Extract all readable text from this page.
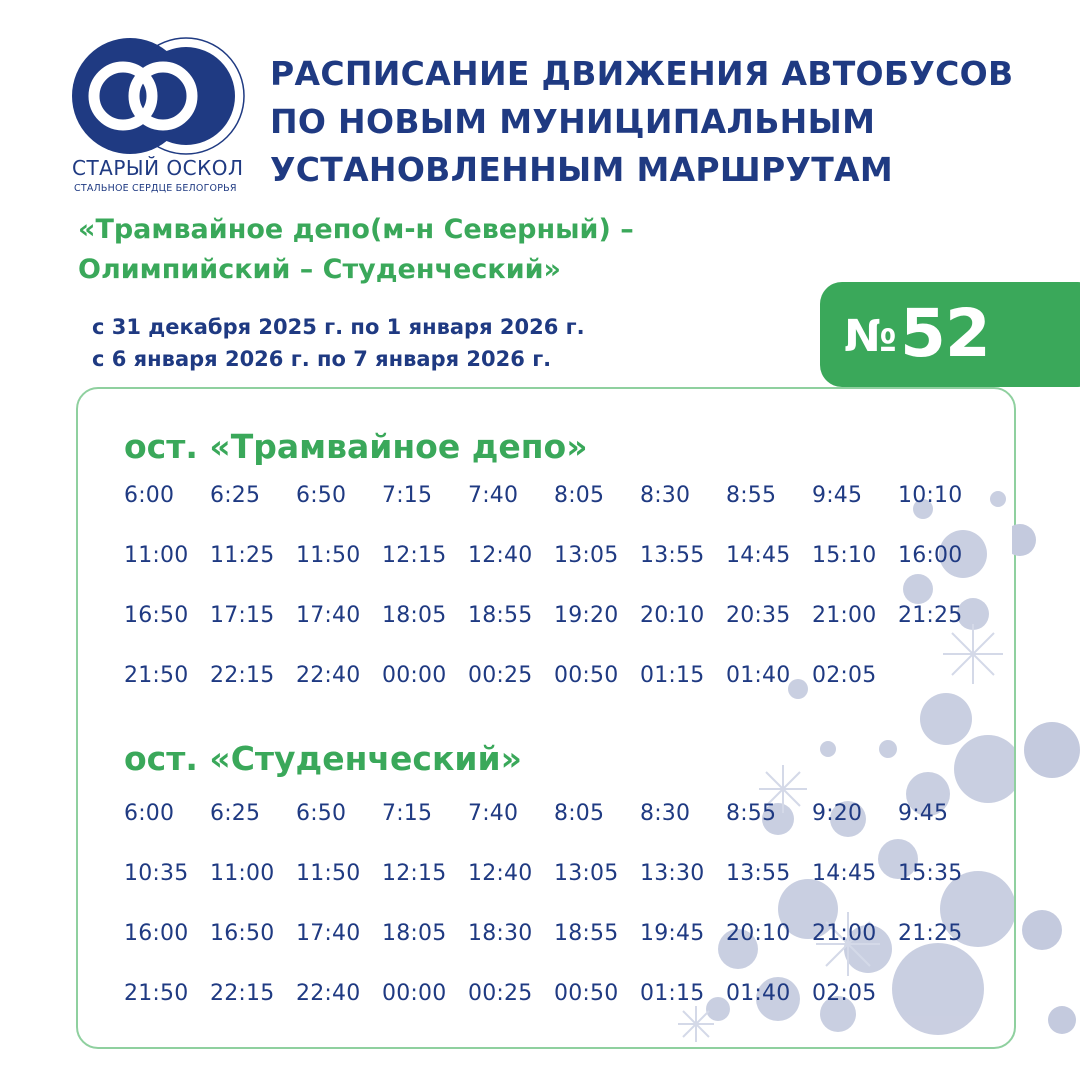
СТАРЫЙ ОСКОЛ
СТАЛЬНОЕ СЕРДЦЕ БЕЛОГОРЬЯ
РАСПИСАНИЕ ДВИЖЕНИЯ АВТОБУСОВ
ПО НОВЫМ МУНИЦИПАЛЬНЫМ
УСТАНОВЛЕННЫМ МАРШРУТАМ
«Трамвайное депо(м-н Северный) –
Олимпийский – Студенческий»
с 31 декабря 2025 г. по 1 января 2026 г.
с 6 января 2026 г. по 7 января 2026 г.	№ 52
ост. «Трамвайное депо»
6:00	6:25	6:50	7:15	7:40	8:05	8:30	8:55	9:45	10:10
11:00 11:25 11:50 12:15 12:40 13:05 13:55 14:45 15:10 16:00
16:50 17:15 17:40 18:05 18:55 19:20 20:10 20:35 21:00 21:25
21:50 22:15 22:40 00:00 00:25 00:50 01:15 01:40 02:05
ост. «Студенческий»
6:00	6:25	6:50	7:15	7:40	8:05	8:30	8:55	9:20	9:45
10:35 11:00 11:50 12:15 12:40 13:05 13:30 13:55 14:45 15:35
16:00 16:50 17:40 18:05 18:30 18:55 19:45 20:10 21:00 21:25
21:50 22:15 22:40 00:00 00:25 00:50 01:15 01:40 02:05
